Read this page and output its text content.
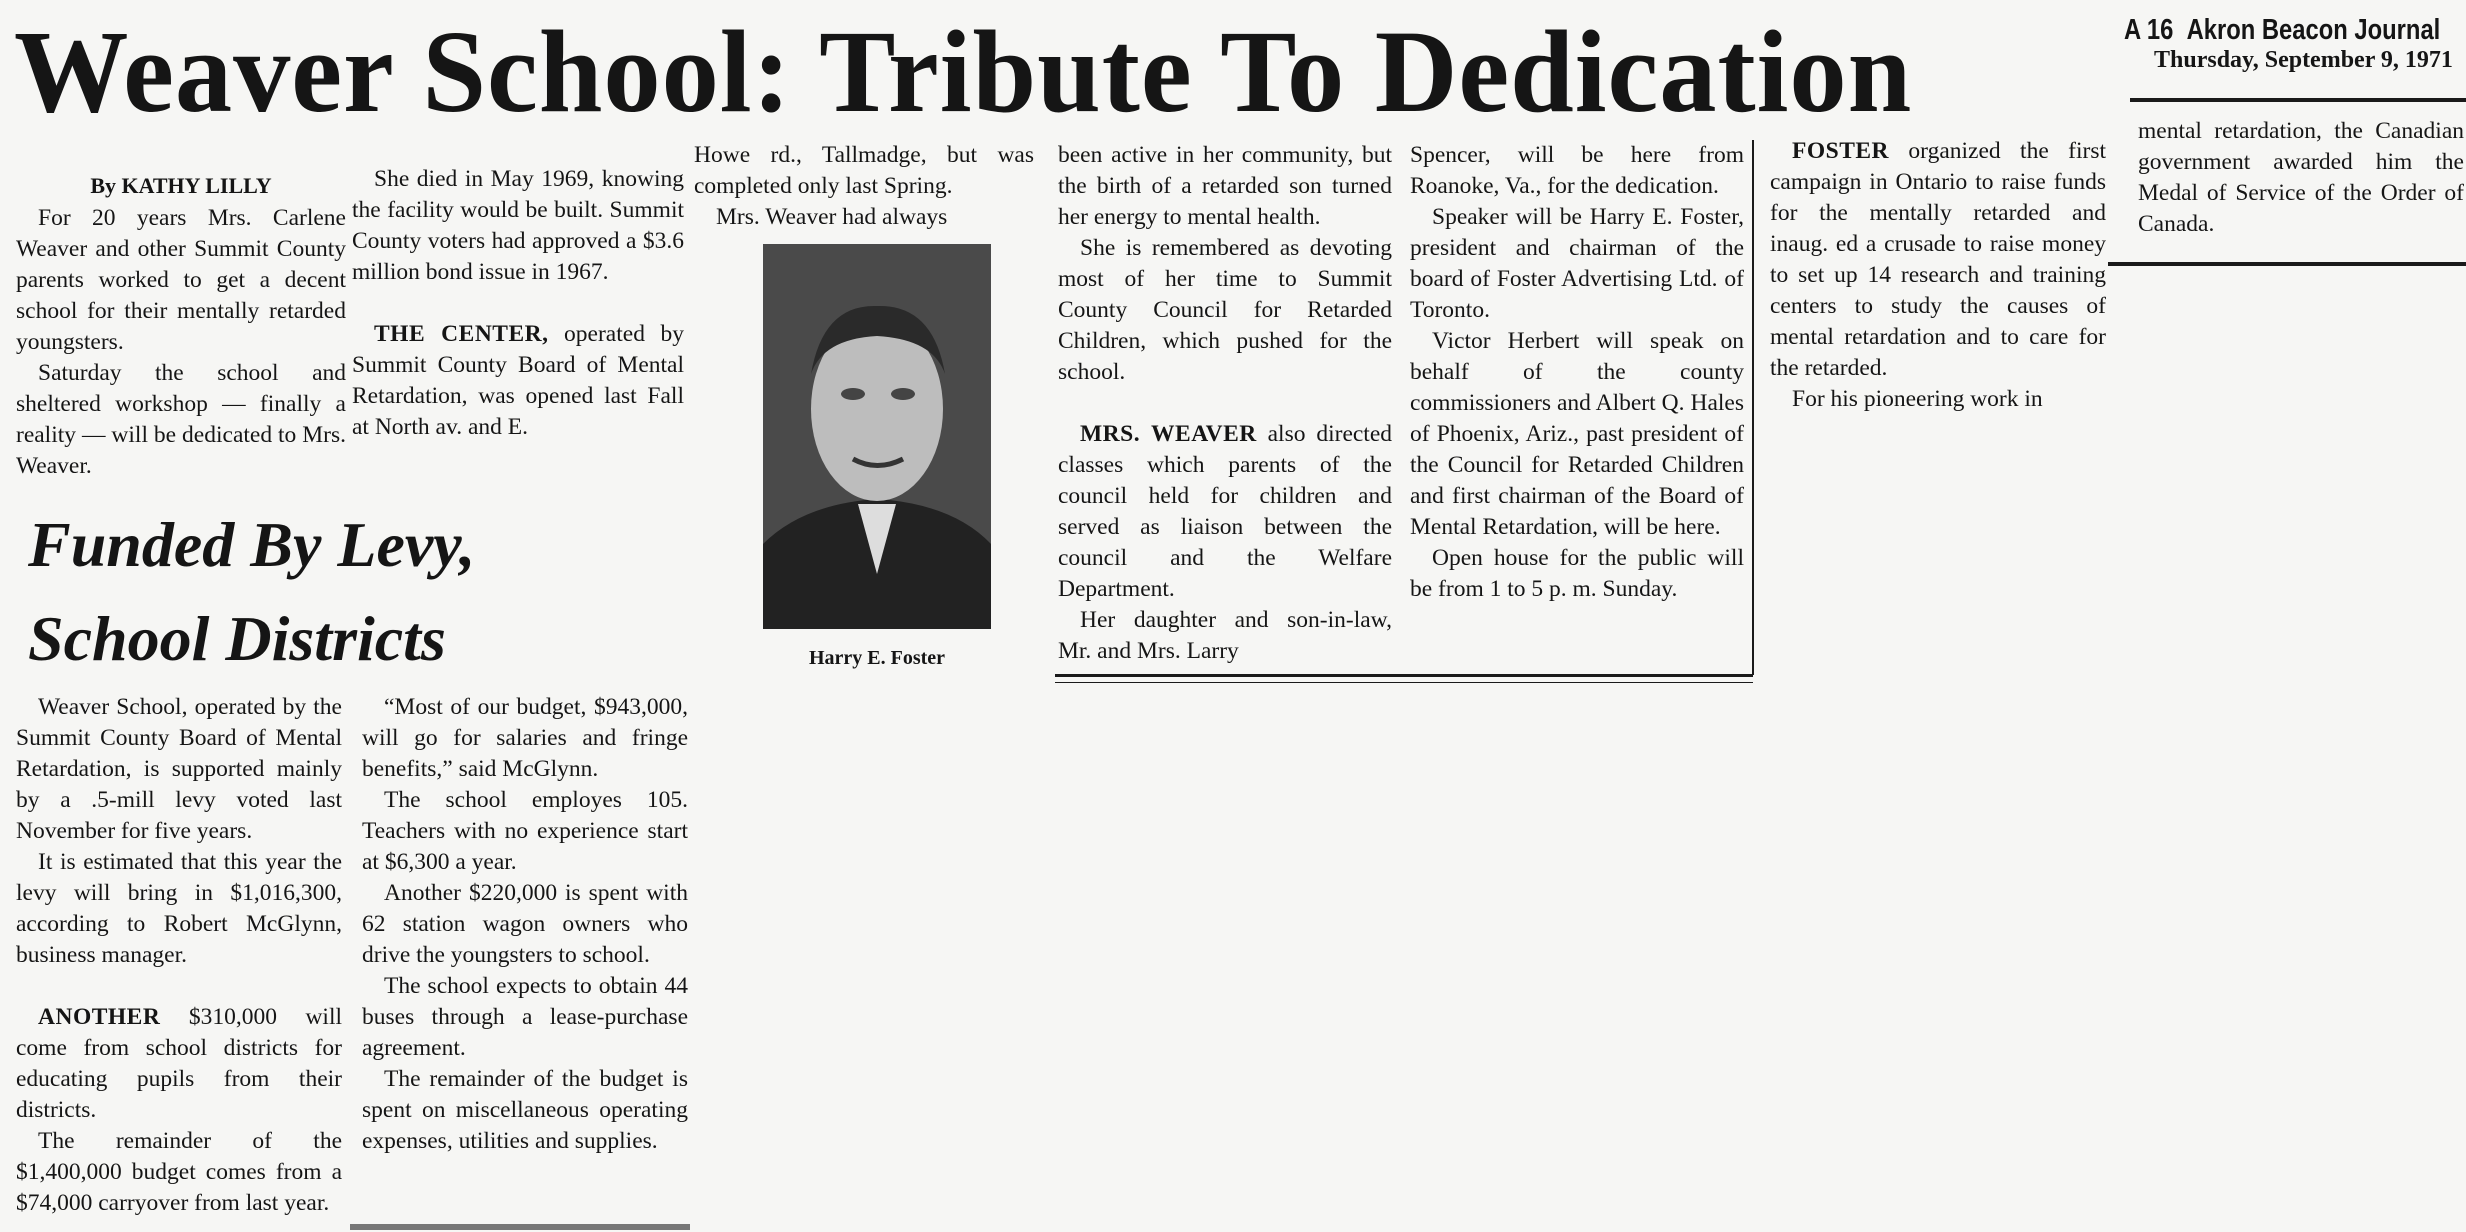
Weaver School: Tribute To Dedication	A 16 Akron Beacon Journal
Thursday, September 9, 1971
By KATHY LILLY

For 20 years Mrs. Carlene Weaver and other Summit County parents worked to get a decent school for their mentally retarded youngsters.

Saturday the school and sheltered workshop — finally a reality — will be dedicated to Mrs. Weaver.

She died in May 1969, knowing the facility would be built. Summit County voters had approved a $3.6 million bond issue in 1967.

THE CENTER, operated by Summit County Board of Mental Retardation, was opened last Fall at North av. and E.

Howe rd., Tallmadge, but was completed only last Spring.

Mrs. Weaver had always

Harry E. Foster

been active in her community, but the birth of a retarded son turned her energy to mental health.

She is remembered as devoting most of her time to Summit County Council for Retarded Children, which pushed for the school.

MRS. WEAVER also directed classes which parents of the council held for children and served as liaison between the council and the Welfare Department.

Her daughter and son-in-law, Mr. and Mrs. Larry

Spencer, will be here from Roanoke, Va., for the dedication.

Speaker will be Harry E. Foster, president and chairman of the board of Foster Advertising Ltd. of Toronto.

Victor Herbert will speak on behalf of the county commissioners and Albert Q. Hales of Phoenix, Ariz., past president of the Council for Retarded Children and first chairman of the Board of Mental Retardation, will be here.

Open house for the public will be from 1 to 5 p. m. Sunday.

FOSTER organized the first campaign in Ontario to raise funds for the mentally retarded and inaug. ed a crusade to raise money to set up 14 research and training centers to study the causes of mental retardation and to care for the retarded.

For his pioneering work in

mental retardation, the Canadian government awarded him the Medal of Service of the Order of Canada.

Funded By Levy,
School Districts

Weaver School, operated by the Summit County Board of Mental Retardation, is supported mainly by a .5-mill levy voted last November for five years.

It is estimated that this year the levy will bring in $1,016,300, according to Robert McGlynn, business manager.

ANOTHER $310,000 will come from school districts for educating pupils from their districts.

The remainder of the $1,400,000 budget comes from a $74,000 carryover from last year.

“Most of our budget, $943,000, will go for salaries and fringe benefits,” said McGlynn.

The school employes 105. Teachers with no experience start at $6,300 a year.

Another $220,000 is spent with 62 station wagon owners who drive the youngsters to school.

The school expects to obtain 44 buses through a lease-purchase agreement.

The remainder of the budget is spent on miscellaneous operating expenses, utilities and supplies.
